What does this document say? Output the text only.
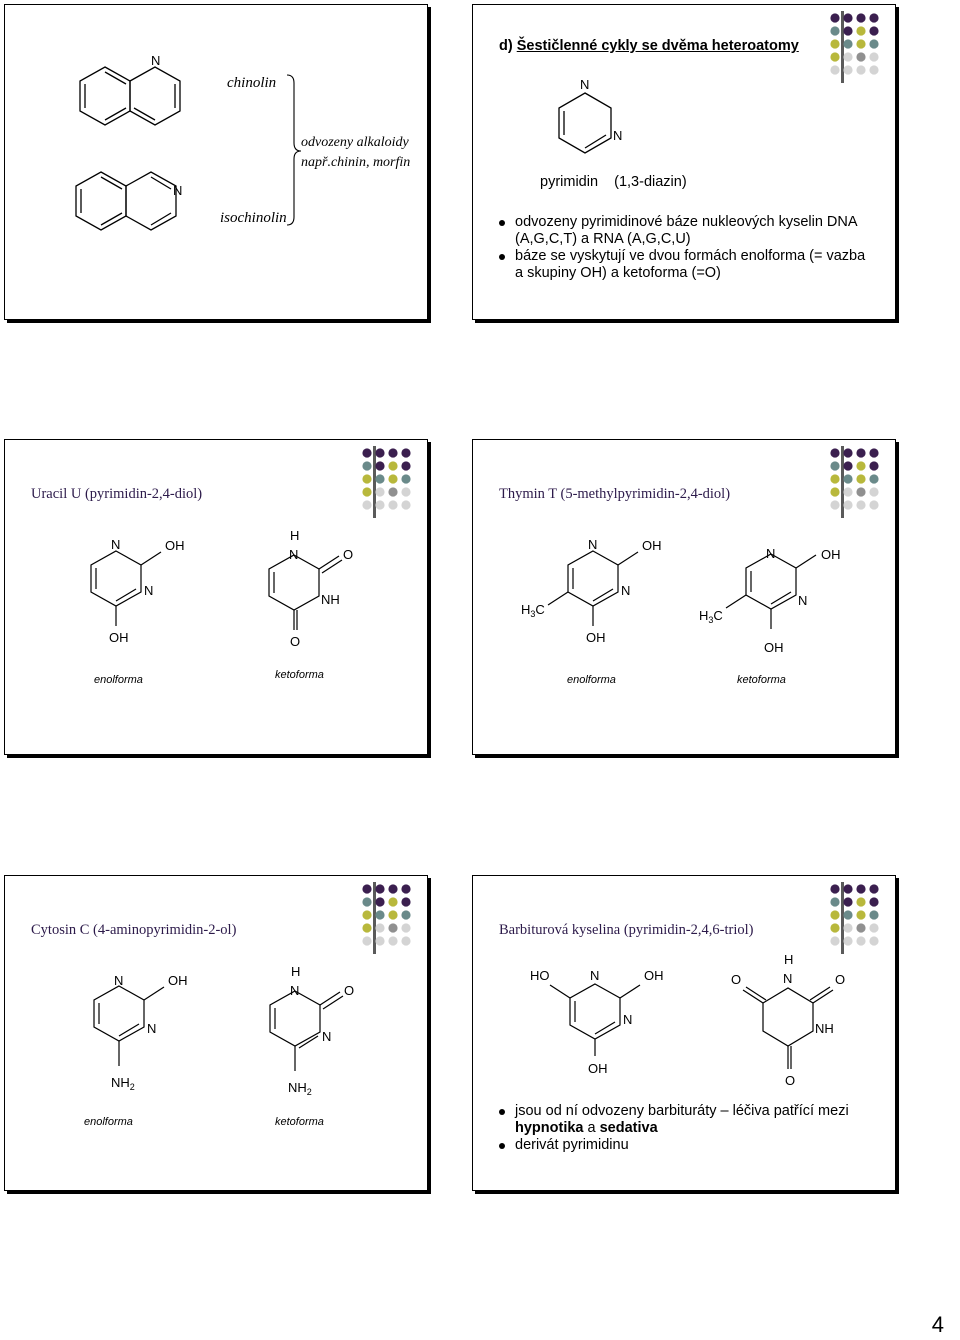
N
N
chinolin
isochinolin
odvozeny alkaloidy
např.chinin, morfin
d) Šestičlenné cykly se dvěma heteroatomy
N
N
pyrimidin    (1,3-diazin)
odvozeny pyrimidinové báze nukleových kyselin DNA (A,G,C,T) a RNA (A,G,C,U)
báze se vyskytují ve dvou formách enolforma (= vazba a skupiny OH) a ketoforma (=O)
Uracil U (pyrimidin-2,4-diol)
N
N
OH
OH
H
N
NH
O
O
enolforma	ketoforma
Thymin T (5-methylpyrimidin-2,4-diol)
N
N
OH
OH
$H_3C$
N
N
OH
OH
$H_3C$
enolforma	ketoforma
Cytosin C (4-aminopyrimidin-2-ol)
N
N
OH
$NH_2$
H
N
N
O
$NH_2$
enolforma	ketoforma
Barbiturová kyselina (pyrimidin-2,4,6-triol)
N
N
OH
HO
OH
H
N
NH
O	O
O
jsou od ní odvozeny barbituráty – léčiva patřící mezi hypnotika a sedativa
derivát pyrimidinu
4
